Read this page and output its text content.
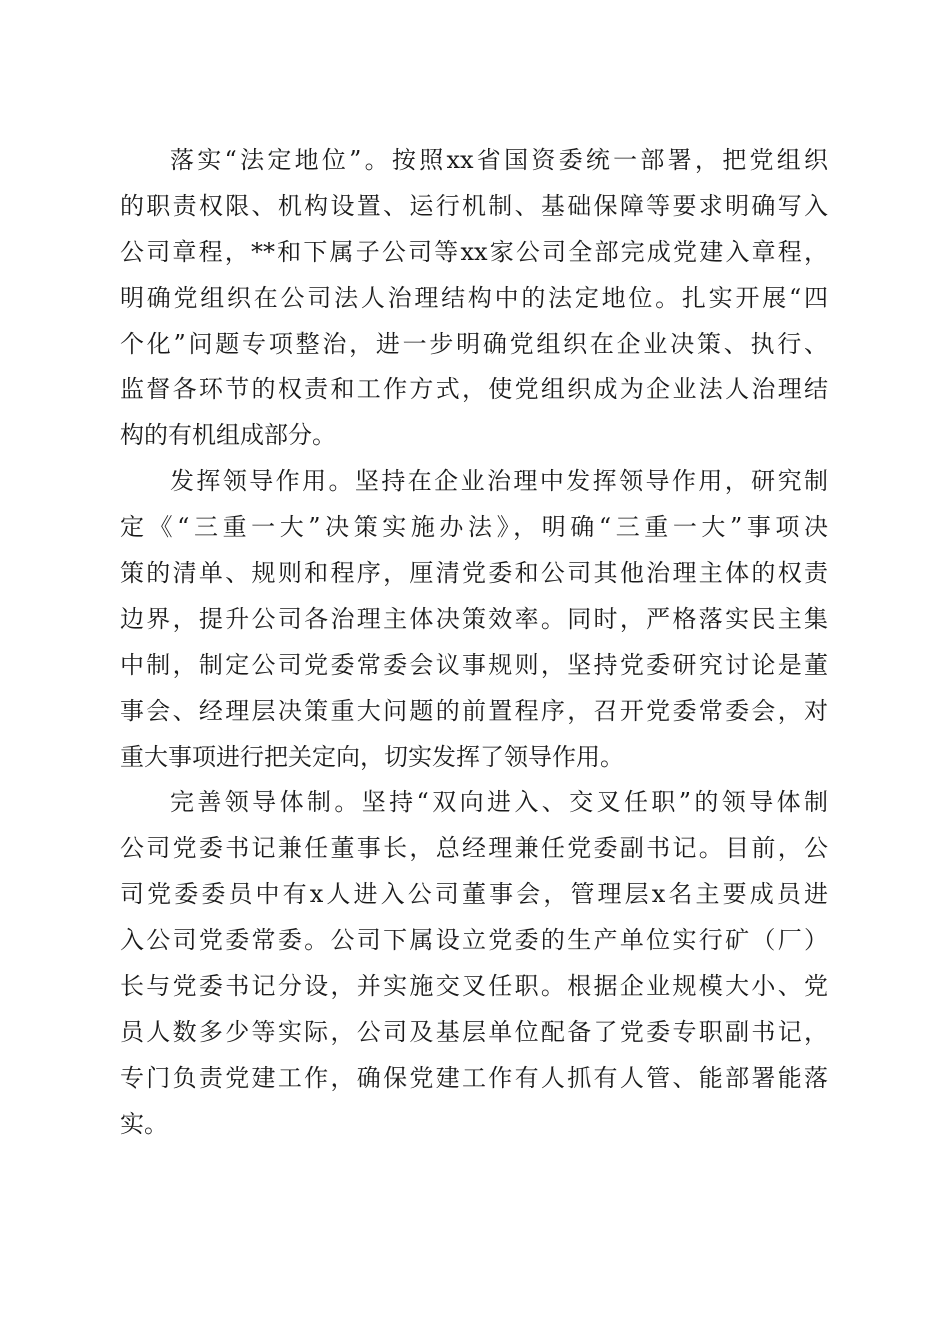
落实“法定地位”。按照xx省国资委统一部署，把党组织
的职责权限、机构设置、运行机制、基础保障等要求明确写入
公司章程，**和下属子公司等xx家公司全部完成党建入章程，
明确党组织在公司法人治理结构中的法定地位。扎实开展“四
个化”问题专项整治，进一步明确党组织在企业决策、执行、
监督各环节的权责和工作方式，使党组织成为企业法人治理结
构的有机组成部分。
发挥领导作用。坚持在企业治理中发挥领导作用，研究制
定《“三重一大”决策实施办法》，明确“三重一大”事项决
策的清单、规则和程序，厘清党委和公司其他治理主体的权责
边界，提升公司各治理主体决策效率。同时，严格落实民主集
中制，制定公司党委常委会议事规则，坚持党委研究讨论是董
事会、经理层决策重大问题的前置程序，召开党委常委会，对
重大事项进行把关定向，切实发挥了领导作用。
完善领导体制。坚持“双向进入、交叉任职”的领导体制
公司党委书记兼任董事长，总经理兼任党委副书记。目前，公
司党委委员中有x人进入公司董事会，管理层x名主要成员进
入公司党委常委。公司下属设立党委的生产单位实行矿（厂）
长与党委书记分设，并实施交叉任职。根据企业规模大小、党
员人数多少等实际，公司及基层单位配备了党委专职副书记，
专门负责党建工作，确保党建工作有人抓有人管、能部署能落
实。
